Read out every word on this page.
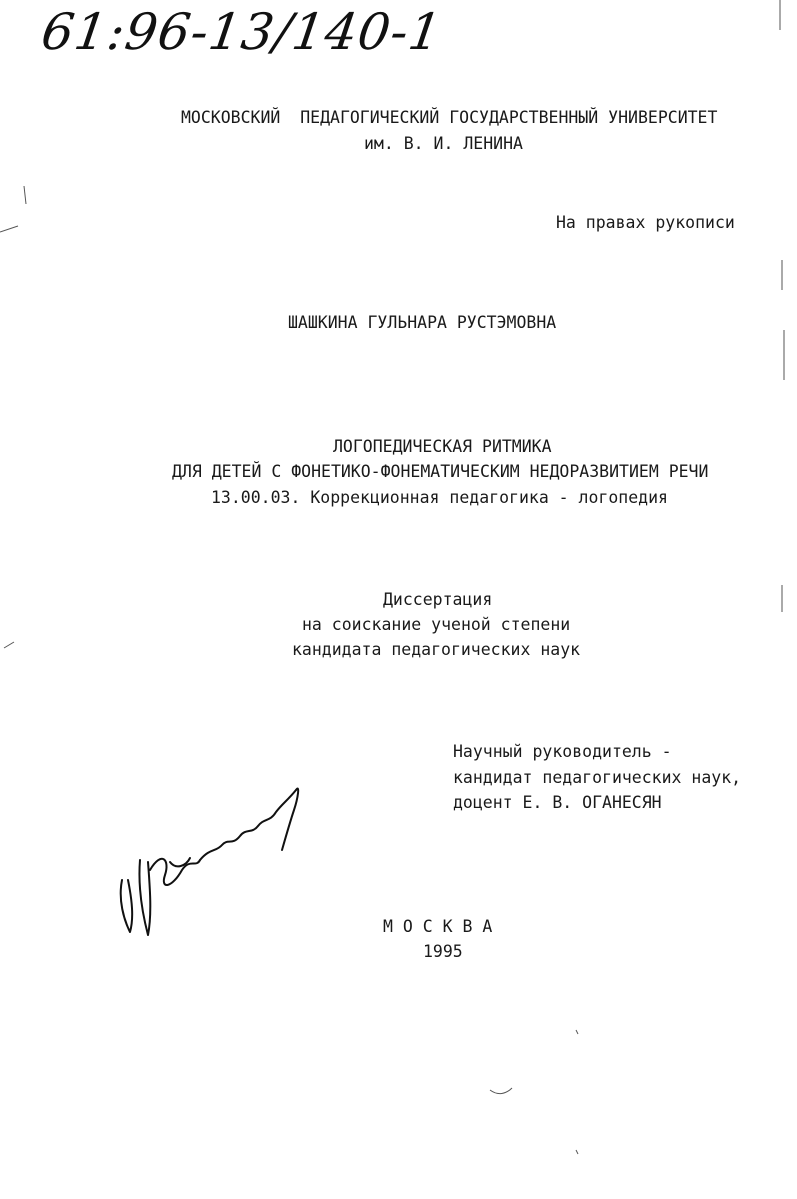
61:96-13/140-1
МОСКОВСКИЙ  ПЕДАГОГИЧЕСКИЙ ГОСУДАРСТВЕННЫЙ УНИВЕРСИТЕТ
им. В. И. ЛЕНИНА
На правах рукописи
ШАШКИНА ГУЛЬНАРА РУСТЭМОВНА
ЛОГОПЕДИЧЕСКАЯ РИТМИКА
ДЛЯ ДЕТЕЙ С ФОНЕТИКО-ФОНЕМАТИЧЕСКИМ НЕДОРАЗВИТИЕМ РЕЧИ
13.00.03. Коррекционная педагогика - логопедия
Диссертация
на соискание ученой степени
кандидата педагогических наук
Научный руководитель -
кандидат педагогических наук,
доцент Е. В. ОГАНЕСЯН
М О С К В А
1995
